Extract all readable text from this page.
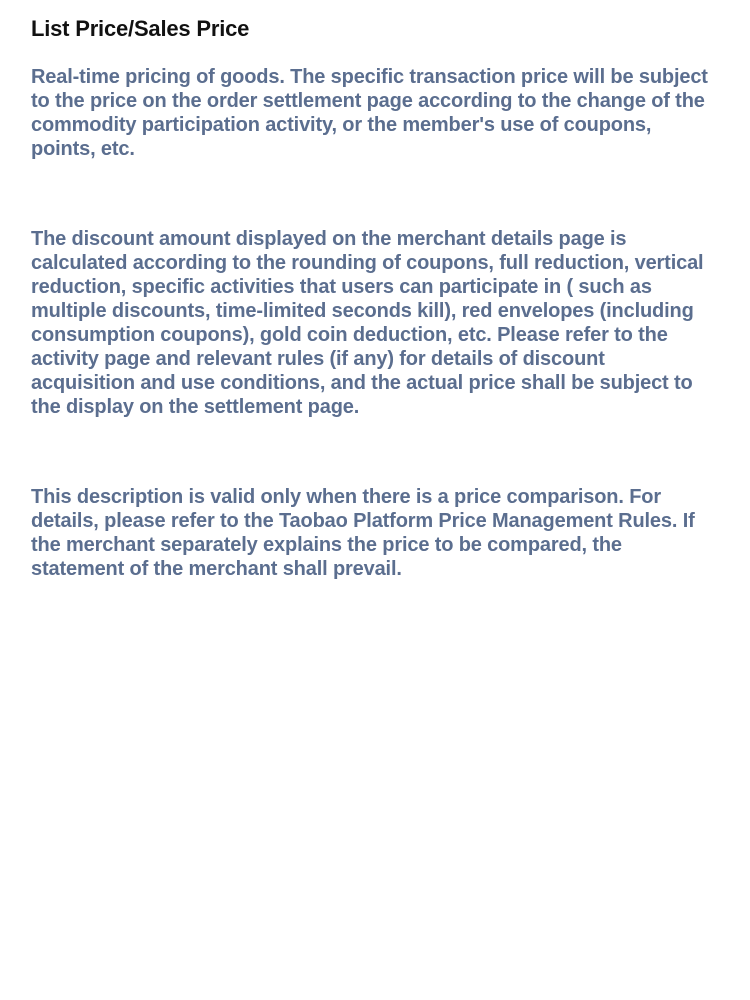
List Price/Sales Price

Real-time pricing of goods. The specific transaction price will be subject to the price on the order settlement page according to the change of the commodity participation activity, or the member's use of coupons, points, etc.

The discount amount displayed on the merchant details page is calculated according to the rounding of coupons, full reduction, vertical reduction, specific activities that users can participate in ( such as multiple discounts, time-limited seconds kill), red envelopes (including consumption coupons), gold coin deduction, etc. Please refer to the activity page and relevant rules (if any) for details of discount acquisition and use conditions, and the actual price shall be subject to the display on the settlement page.

This description is valid only when there is a price comparison. For details, please refer to the Taobao Platform Price Management Rules. If the merchant separately explains the price to be compared, the statement of the merchant shall prevail.
